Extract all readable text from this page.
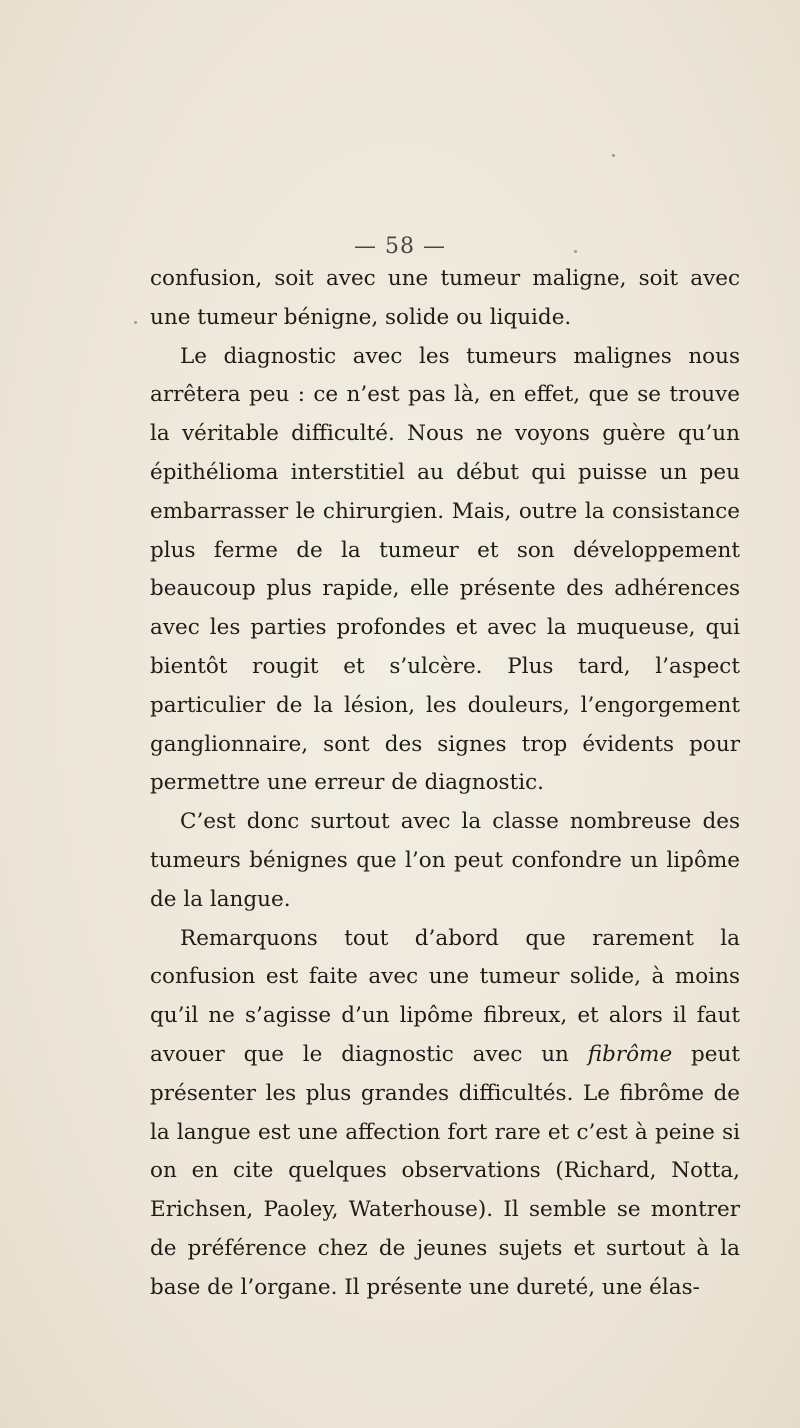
— 58 —

confusion, soit avec une tumeur maligne, soit avec une tumeur bénigne, solide ou liquide.

Le diagnostic avec les tumeurs malignes nous arrêtera peu : ce n’est pas là, en effet, que se trouve la véritable difficulté. Nous ne voyons guère qu’un épithélioma interstitiel au début qui puisse un peu embarrasser le chirurgien. Mais, outre la consistance plus ferme de la tumeur et son développement beaucoup plus rapide, elle présente des adhérences avec les parties profondes et avec la muqueuse, qui bientôt rougit et s’ulcère. Plus tard, l’aspect particulier de la lésion, les douleurs, l’engorgement ganglionnaire, sont des signes trop évidents pour permettre une erreur de diagnostic.

C’est donc surtout avec la classe nombreuse des tumeurs bénignes que l’on peut confondre un lipôme de la langue.

Remarquons tout d’abord que rarement la confusion est faite avec une tumeur solide, à moins qu’il ne s’agisse d’un lipôme fibreux, et alors il faut avouer que le diagnostic avec un fibrôme peut présenter les plus grandes difficultés. Le fibrôme de la langue est une affection fort rare et c’est à peine si on en cite quelques observations (Richard, Notta, Erichsen, Paoley, Waterhouse). Il semble se montrer de préférence chez de jeunes sujets et surtout à la base de l’organe. Il présente une dureté, une élas-
